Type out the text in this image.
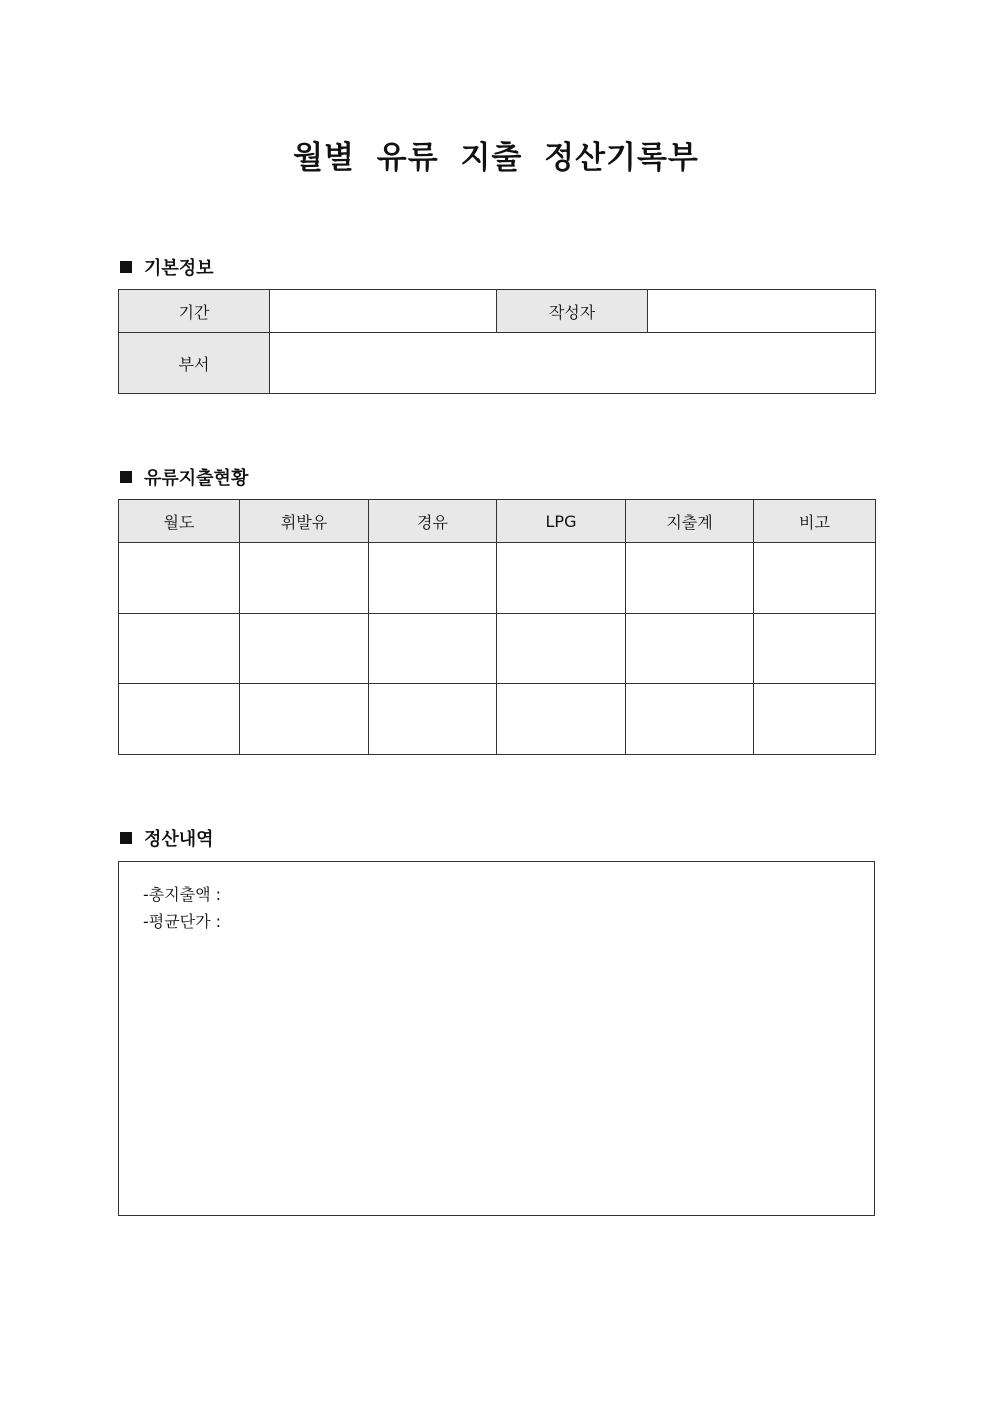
월별 유류 지출 정산기록부
기본정보
기간		작성자	
부서			
유류지출현황
월도	휘발유	경유	LPG	지출계	비고

정산내역
-총지출액 :
-평균단가 :
